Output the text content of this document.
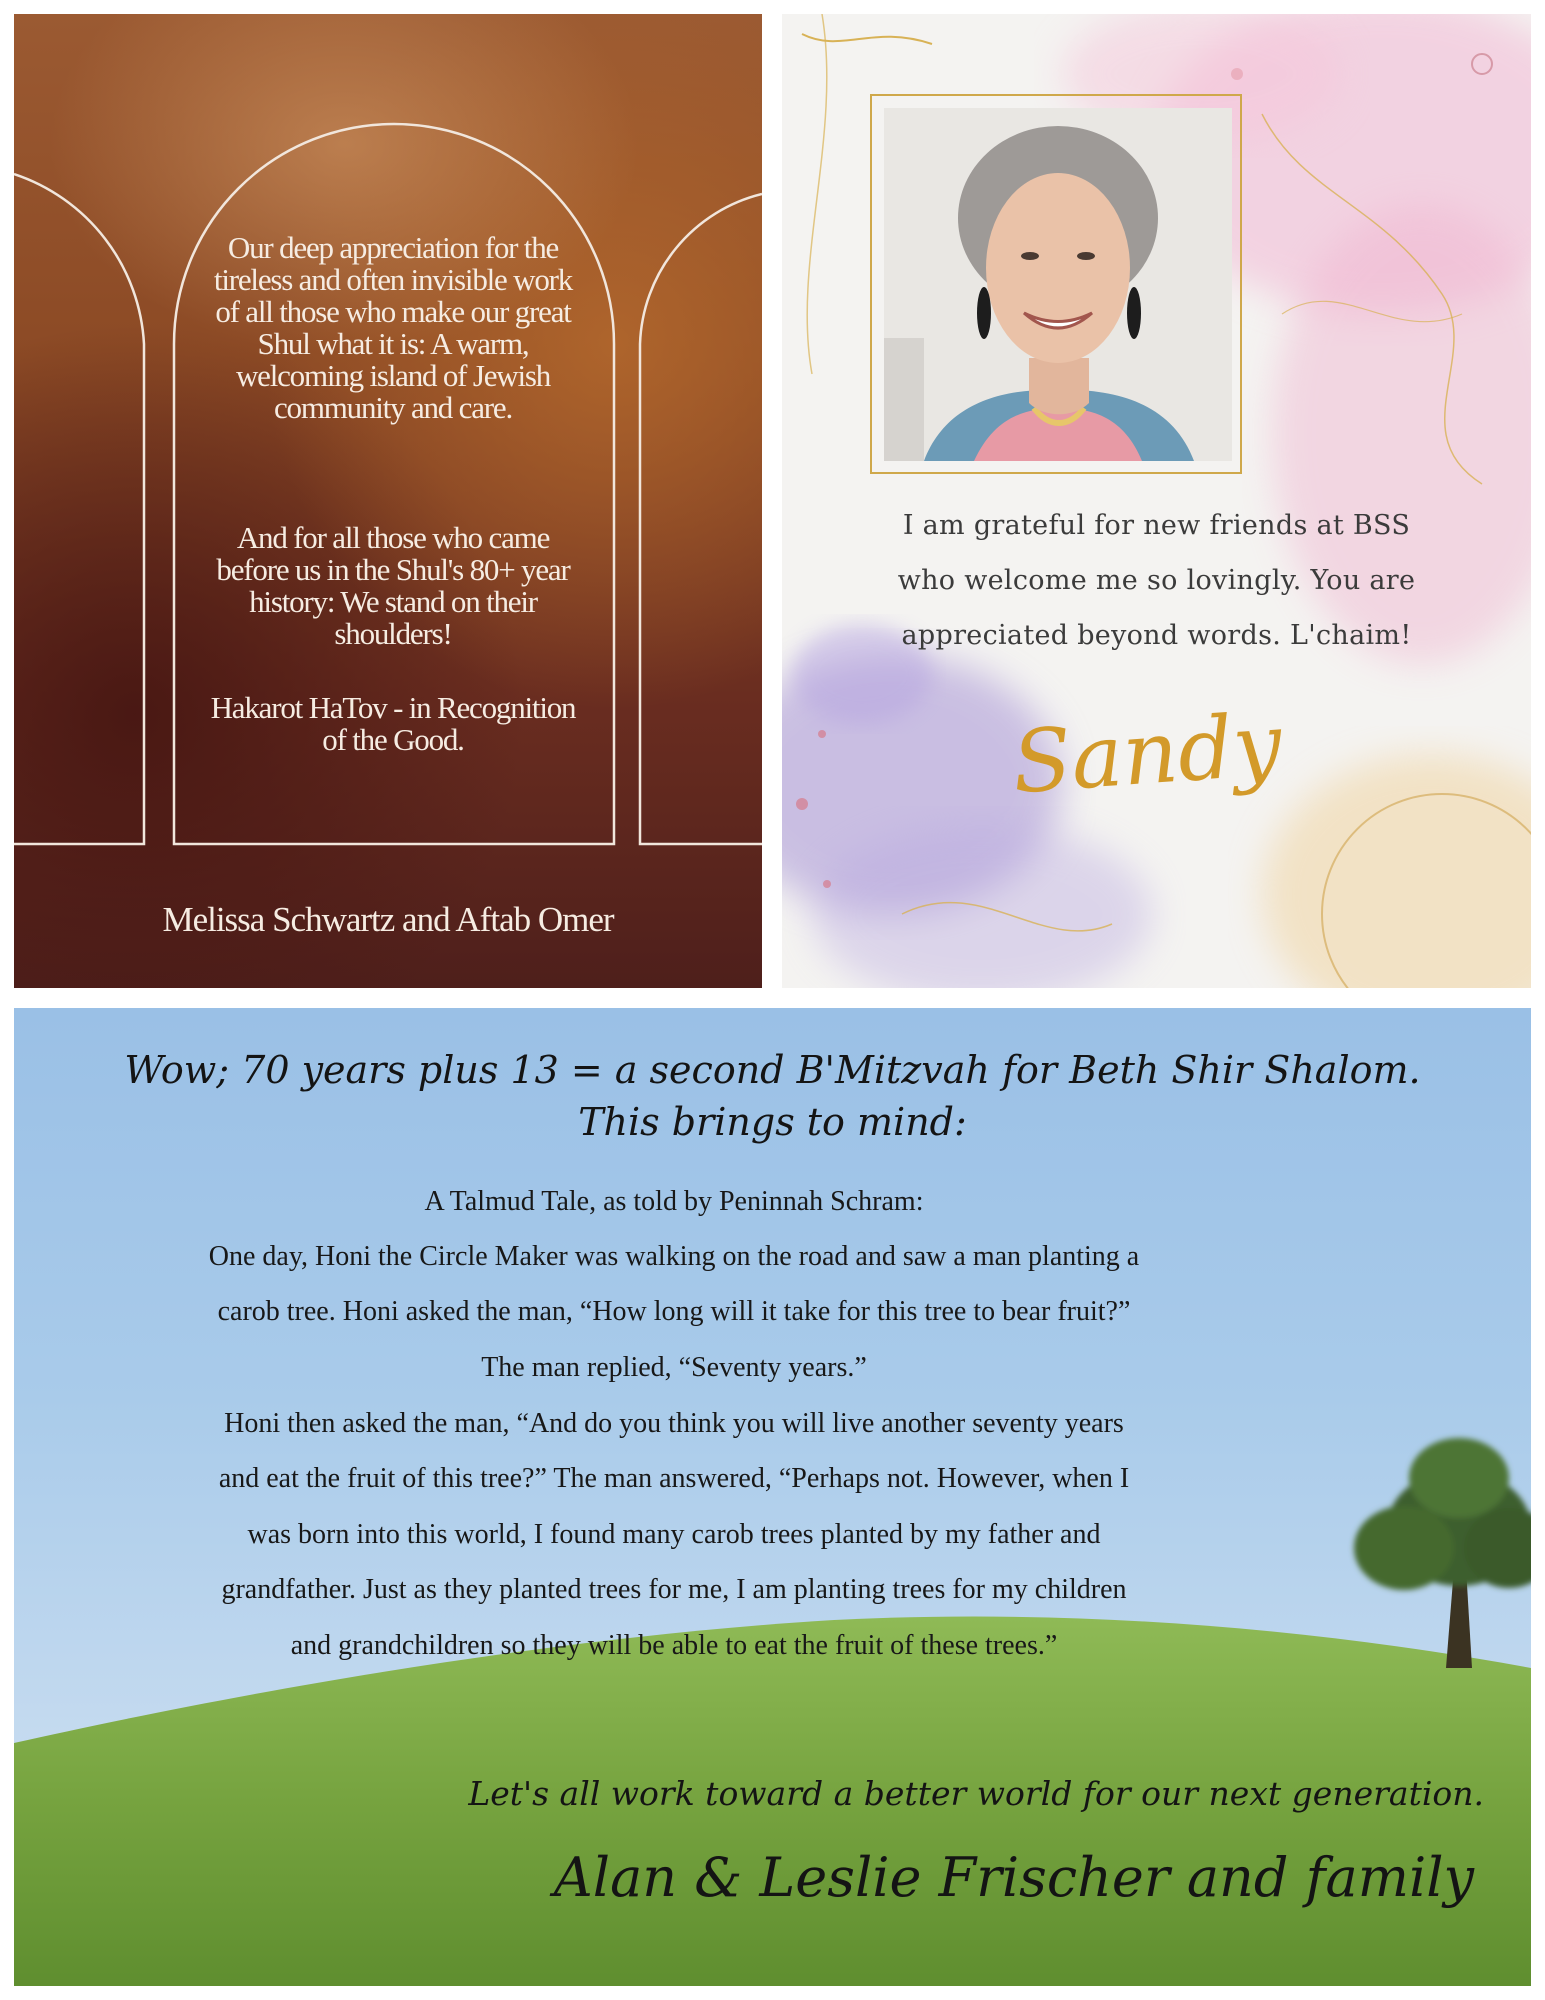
Our deep appreciation for the tireless and often invisible work of all those who make our great Shul what it is: A warm, welcoming island of Jewish community and care.
And for all those who came before us in the Shul's 80+ year history: We stand on their shoulders!
Hakarot HaTov - in Recognition of the Good.
Melissa Schwartz and Aftab Omer
I am grateful for new friends at BSS
who welcome me so lovingly. You are
appreciated beyond words. L'chaim!
Sandy
Wow; 70 years plus 13 = a second B'Mitzvah for Beth Shir Shalom.
This brings to mind:
A Talmud Tale, as told by Peninnah Schram:
One day, Honi the Circle Maker was walking on the road and saw a man planting a
carob tree. Honi asked the man, “How long will it take for this tree to bear fruit?”
The man replied, “Seventy years.”
Honi then asked the man, “And do you think you will live another seventy years
and eat the fruit of this tree?” The man answered, “Perhaps not. However, when I
was born into this world, I found many carob trees planted by my father and
grandfather. Just as they planted trees for me, I am planting trees for my children
and grandchildren so they will be able to eat the fruit of these trees.”
Let's all work toward a better world for our next generation.
Alan & Leslie Frischer and family
